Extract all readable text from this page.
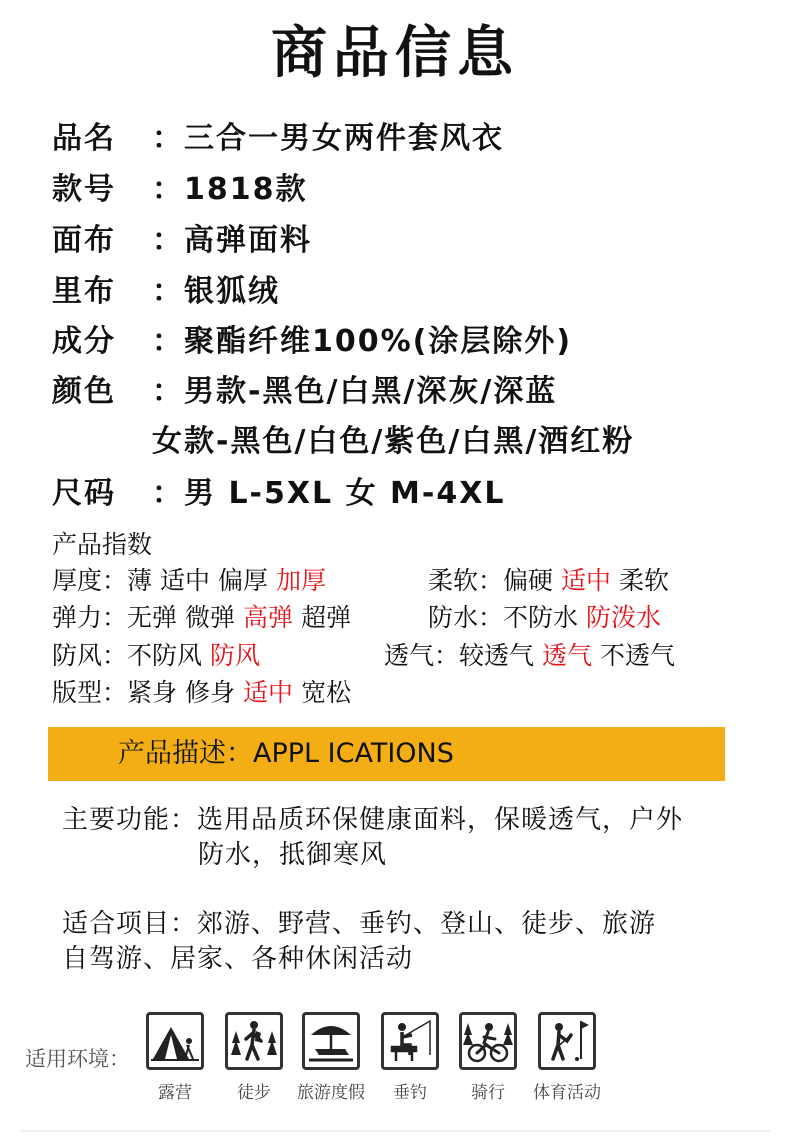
商品信息
品名 ：三合一男女两件套风衣
款号 ：1818款
面布 ：高弹面料
里布 ：银狐绒
成分 ：聚酯纤维100%(涂层除外)
颜色 ：男款-黑色/白黑/深灰/深蓝
女款-黑色/白色/紫色/白黑/酒红粉
尺码 ：男 L-5XL 女 M-4XL
产品指数
厚度：薄 适中 偏厚 加厚	柔软：偏硬 适中 柔软
弹力：无弹 微弹 高弹 超弹	防水：不防水 防泼水
防风：不防风 防风	透气：较透气 透气 不透气
版型：紧身 修身 适中 宽松
产品描述：APPL ICATIONS
主要功能：选用品质环保健康面料，保暖透气，户外
防水，抵御寒风
适合项目：郊游、野营、垂钓、登山、徒步、旅游
自驾游、居家、各种休闲活动
适用环境：
露营	徒步	旅游度假	垂钓	骑行	体育活动
